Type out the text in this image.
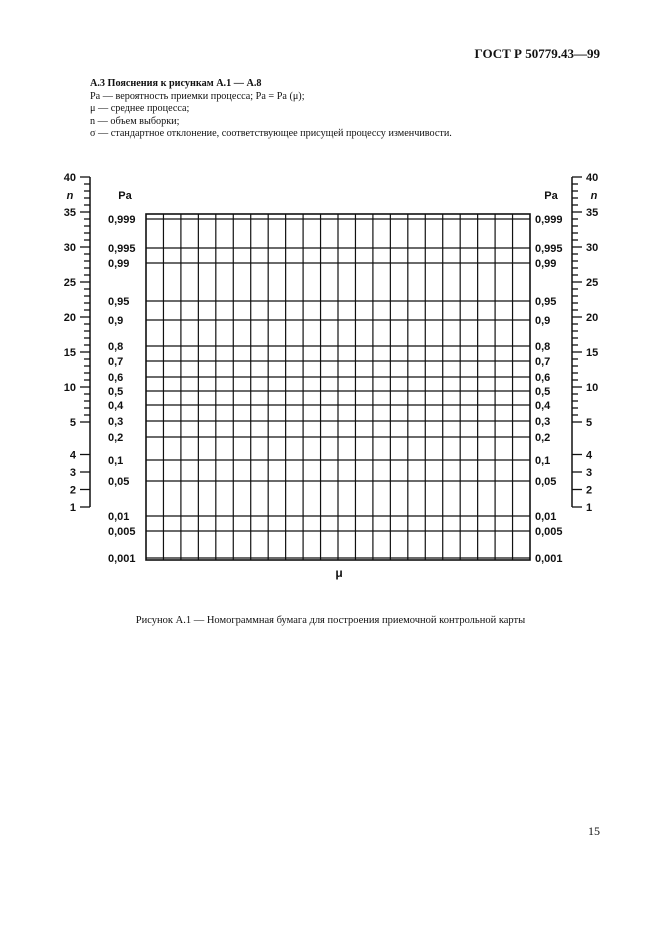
ГОСТ Р 50779.43—99
А.3 Пояснения к рисункам А.1 — А.8
Pa — вероятность приемки процесса; Pa = Pa (μ);
μ — среднее процесса;
n — объем выборки;
σ — стандартное отклонение, соответствующее присущей процессу изменчивости.
40
35
30
25
20
15
10
5
4
3
2
1
40
35
30
25
20
15
10
5
4
3
2
1
0,999
0,995
0,99
0,95
0,9
0,8
0,7
0,6
0,5
0,4
0,3
0,2
0,1
0,05
0,01
0,005
0,001
0,999
0,995
0,99
0,95
0,9
0,8
0,7
0,6
0,5
0,4
0,3
0,2
0,1
0,05
0,01
0,005
0,001
n	Pa	Pa	n
μ
Рисунок А.1 — Номограммная бумага для построения приемочной контрольной карты
15
